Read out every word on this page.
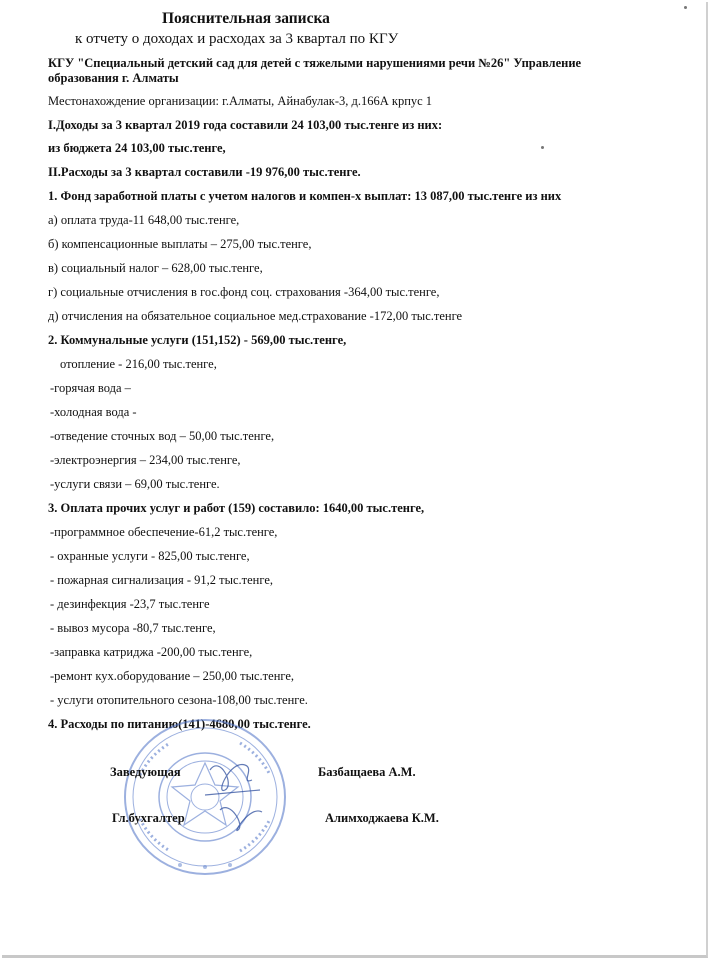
Пояснительная записка
к отчету о доходах и расходах за 3 квартал по КГУ
КГУ "Специальный детский сад для детей с тяжелыми нарушениями речи №26" Управление
образования г. Алматы
Местонахождение организации: г.Алматы, Айнабулак-3, д.166А крпус 1
I.Доходы за 3 квартал 2019 года составили 24 103,00 тыс.тенге из них:
из бюджета 24 103,00 тыс.тенге,
II.Расходы за 3 квартал составили -19 976,00 тыс.тенге.
1. Фонд заработной платы с учетом налогов и компен-х выплат: 13 087,00 тыс.тенге из них
а) оплата труда-11 648,00 тыс.тенге,
б) компенсационные выплаты – 275,00 тыс.тенге,
в) социальный налог – 628,00 тыс.тенге,
г) социальные отчисления в гос.фонд соц. страхования -364,00 тыс.тенге,
д) отчисления на обязательное социальное мед.страхование -172,00 тыс.тенге
2. Коммунальные услуги (151,152) - 569,00 тыс.тенге,
отопление - 216,00 тыс.тенге,
-горячая вода –
-холодная вода -
-отведение сточных вод – 50,00 тыс.тенге,
-электроэнергия – 234,00 тыс.тенге,
-услуги связи – 69,00 тыс.тенге.
3. Оплата прочих услуг и работ (159) составило: 1640,00 тыс.тенге,
-программное обеспечение-61,2 тыс.тенге,
- охранные услуги - 825,00 тыс.тенге,
- пожарная сигнализация - 91,2 тыс.тенге,
- дезинфекция -23,7 тыс.тенге
- вывоз мусора -80,7 тыс.тенге,
-заправка катриджа -200,00 тыс.тенге,
-ремонт кух.оборудование – 250,00 тыс.тенге,
- услуги отопительного сезона-108,00 тыс.тенге.
4. Расходы по питанию(141)-4680,00 тыс.тенге.
Заведующая	Базбащаева А.М.
Гл.бухгалтер	Алимходжаева К.М.
